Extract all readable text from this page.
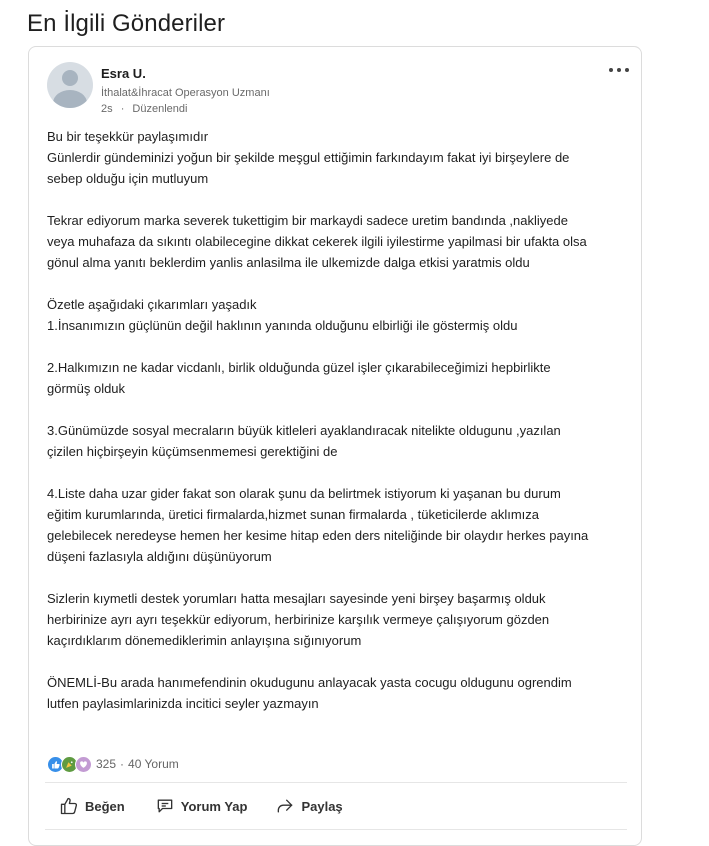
En İlgili Gönderiler
Esra U.
İthalat&İhracat Operasyon Uzmanı
2s · Düzenlendi

Bu bir teşekkür paylaşımıdır

Günlerdir gündeminizi yoğun bir şekilde meşgul ettiğimin farkındayım fakat iyi birşeylere de

sebep olduğu için mutluyum

Tekrar ediyorum marka severek tukettigim bir markaydi sadece uretim bandında ,nakliyede

veya muhafaza da sıkıntı olabilecegine dikkat cekerek ilgili iyilestirme yapilmasi bir ufakta olsa

gönul alma yanıtı beklerdim yanlis anlasilma ile ulkemizde dalga etkisi yaratmis oldu

Özetle aşağıdaki çıkarımları yaşadık

1.İnsanımızın güçlünün değil haklının yanında olduğunu elbirliği ile göstermiş oldu

2.Halkımızın ne kadar vicdanlı, birlik olduğunda güzel işler çıkarabileceğimizi hepbirlikte

görmüş olduk

3.Günümüzde sosyal mecraların büyük kitleleri ayaklandıracak nitelikte oldugunu ,yazılan

çizilen hiçbirşeyin küçümsenmemesi gerektiğini de

4.Liste daha uzar gider fakat son olarak şunu da belirtmek istiyorum ki yaşanan bu durum

eğitim kurumlarında, üretici firmalarda,hizmet sunan firmalarda , tüketicilerde aklımıza

gelebilecek neredeyse hemen her kesime hitap eden ders niteliğinde bir olaydır herkes payına

düşeni fazlasıyla aldığını düşünüyorum

Sizlerin kıymetli destek yorumları hatta mesajları sayesinde yeni birşey başarmış olduk

herbirinize ayrı ayrı teşekkür ediyorum, herbirinize karşılık vermeye çalışıyorum gözden

kaçırdıklarım dönemediklerimin anlayışına sığınıyorum

ÖNEMLİ-Bu arada hanımefendinin okudugunu anlayacak yasta cocugu oldugunu ogrendim

lutfen paylasimlarinizda incitici seyler yazmayın

325 · 40 Yorum
Beğen	Yorum Yap	Paylaş
